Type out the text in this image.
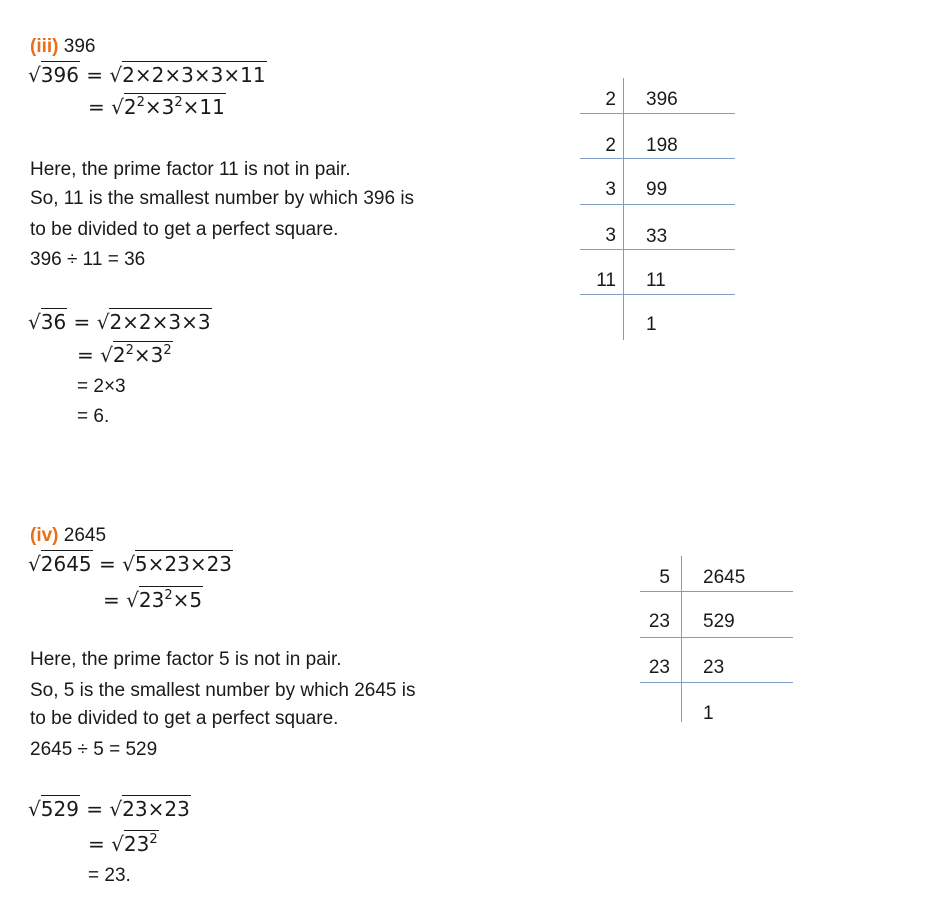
(iii) 396
√396 = √2×2×3×3×11
= $√2^2\times 3^2\times 11$
Here, the prime factor 11 is not in pair.
So, 11 is the smallest number by which 396 is
to be divided to get a perfect square.
396 ÷ 11 = 36
√36 = √2×2×3×3
= $√2^2\times 3^2$
= 2×3
= 6.
2
2
3
3
11
396
198
99
33
11
1
(iv) 2645
√2645 = √5×23×23
= $√23^2\times 5$
Here, the prime factor 5 is not in pair.
So, 5 is the smallest number by which 2645 is
to be divided to get a perfect square.
2645 ÷ 5 = 529
√529 = √23×23
= $√23^2$
= 23.
5
23
23
2645
529
23
1
